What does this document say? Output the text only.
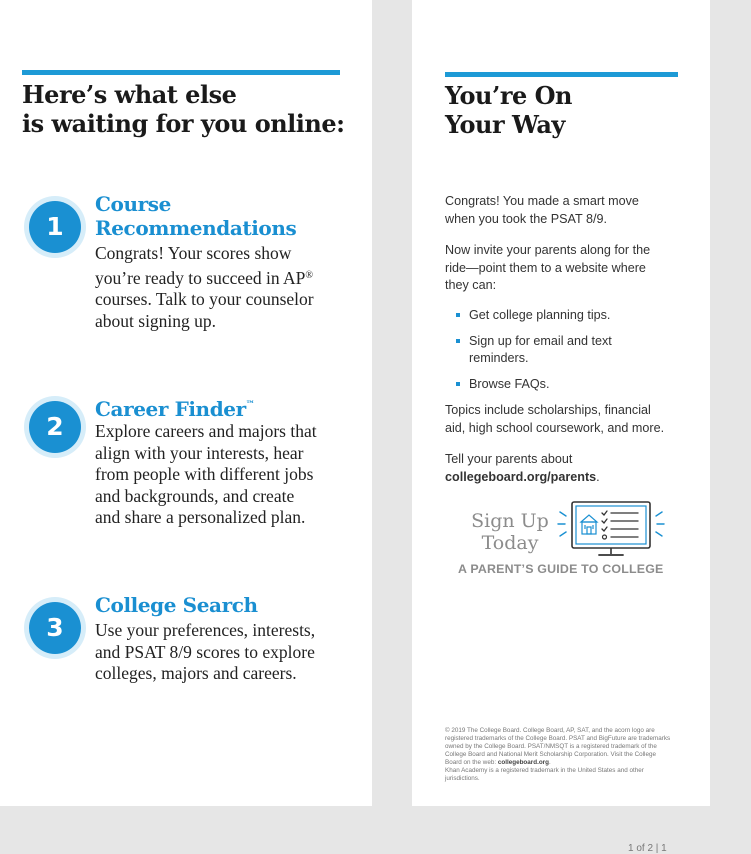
Here’s what else
is waiting for you online:
1
Course
Recommendations

Congrats! Your scores show
you’re ready to succeed in AP®
courses. Talk to your counselor
about signing up.

2
Career Finder™

Explore careers and majors that
align with your interests, hear
from people with different jobs
and backgrounds, and create
and share a personalized plan.

3
College Search

Use your preferences, interests,
and PSAT 8/9 scores to explore
colleges, majors and careers.

You’re On
Your Way

Congrats! You made a smart move
when you took the PSAT 8/9.

Now invite your parents along for the
ride—point them to a website where
they can:

Get college planning tips.
Sign up for email and text
reminders.
Browse FAQs.

Topics include scholarships, financial
aid, high school coursework, and more.

Tell your parents about
collegeboard.org/parents.

Sign Up
Today

A PARENT’S GUIDE TO COLLEGE

© 2019 The College Board. College Board, AP, SAT, and the acorn logo are
registered trademarks of the College Board. PSAT and BigFuture are trademarks
owned by the College Board. PSAT/NMSQT is a registered trademark of the
College Board and National Merit Scholarship Corporation. Visit the College
Board on the web: collegeboard.org.
Khan Academy is a registered trademark in the United States and other
jurisdictions.

1 of 2 | 1
